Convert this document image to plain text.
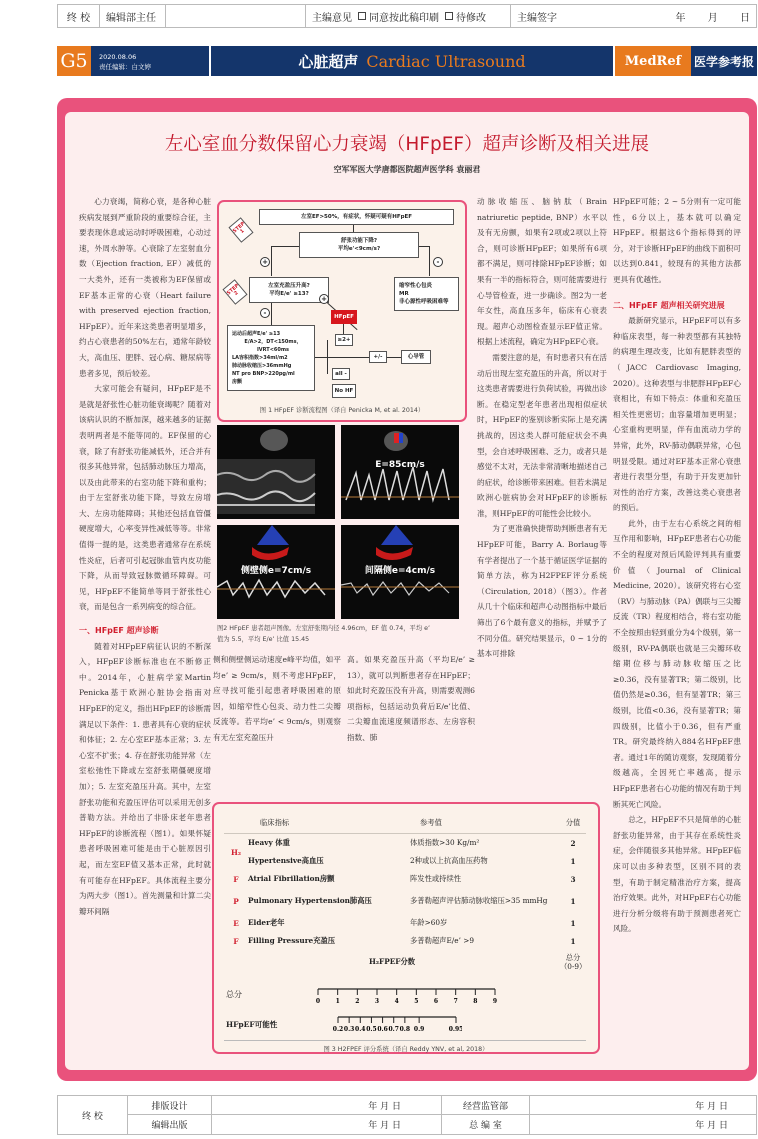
终 校	编辑部主任	主编意见 同意按此稿印刷 待修改	主编签字	年 月 日
G5	2020.08.06
责任编辑：白文婷	心脏超声 Cardiac Ultrasound	MedRef	医学参考报
左心室血分数保留心力衰竭（HFpEF）超声诊断及相关进展
空军军医大学唐都医院超声医学科 袁丽君

心力衰竭，简称心衰，是各种心脏疾病发展到严重阶段的重要综合征，主要表现休息或运动时呼吸困难，心动过速，外周水肿等。心衰除了左室射血分数（Ejection fraction, EF）减低的一大类外，还有一类被称为EF保留或EF基本正常的心衰（Heart failure with preserved ejection fraction, HFpEF）。近年来这类患者明显增多，约占心衰患者的50%左右，通常年龄较大，高血压、肥胖、冠心病、糖尿病等患者多见，预后较差。

大家可能会有疑问，HFpEF是不是就是舒张性心脏功能衰竭呢？随着对该病认识的不断加深，越来越多的证据表明两者是不能等同的。EF保留的心衰，除了有舒张功能减低外，还合并有很多其他异常，包括肺动脉压力增高，以及由此带来的右室功能下降和重构；由于左室舒张功能下降，导致左房增大、左房功能障碍；其他还包括血管僵硬度增大，心率变异性减低等等。非常值得一提的是，这类患者通常存在系统性炎症，后者可引起冠脉血管内皮功能下降，从而导致冠脉微循环障碍。可见，HFpEF不能简单等同于舒张性心衰，而是包含一系列病变的综合征。

一、HFpEF 超声诊断

随着对HFpEF病征认识的不断深入，HFpEF诊断标准也在不断修正中。2014年，心脏病学家Martin Penicka基于欧洲心脏协会指南对HFpEF的定义，指出HFpEF的诊断需满足以下条件：1. 患者具有心衰的症状和体征；2. 左心室EF基本正常；3. 左心室不扩张；4. 存在舒张功能异常（左室松弛性下降或左室舒张期僵硬度增加）；5. 左室充盈压升高。其中，左室舒张功能和充盈压评估可以采用无创多普勒方法。并给出了非卧床老年患者HFpEF的诊断流程（图1）。如果怀疑患者呼吸困难可能是由于心脏原因引起，而左室EF值又基本正常，此时就有可能存在HFpEF。具体流程主要分为两大步（图1）。首先测量和计算二尖瓣环间隔

左室EF>50%，有症状，怀疑可疑有HFpEF
舒张功能下降?
平均e'<9cm/s?
STEP 1
+	-
左室充盈压升高?
平均E/e' ≥13?
STEP 2
缩窄性心包炎
MR
非心源性呼吸困难等
-
+
HFpEF
运动后超声E/e' ≥13
E/A>2，DT<150ms，IVRT<60ms
LA容积指数>34ml/m2
肺动脉收缩压>36mmHg
NT pro BNP>220pg/ml
房颤
≥2+
+/-	心导管
all -
No HF
图 1 HFpEF 诊断流程图（译自 Penicka M, et al. 2014）
E=85cm/s
侧壁侧e=7cm/s	间隔侧e=4cm/s
图2 HFpEF 患者超声图像。左室舒张期内径 4.96cm，EF 值 0.74，平均 e’
值为 5.5，平均 E/e’ 比值 15.45

侧和侧壁侧运动速度e峰平均值，如平均e’ ≥ 9cm/s，则不考虑HFpEF，应寻找可能引起患者呼吸困难的原因，如缩窄性心包炎、动力性二尖瓣反流等。若平均e’ < 9cm/s，则观察有无左室充盈压升

高。如果充盈压升高（平均E/e’ ≥ 13），就可以判断患者存在HFpEF；如此时充盈压没有升高，则需要观测6项指标，包括运动负荷后E/e’比值、二尖瓣血流速度频谱形态、左房容积指数、肺

动脉收缩压、脑钠肽（Brain natriuretic peptide, BNP）水平以及有无房颤，如果有2项或2项以上符合，则可诊断HFpEF；如果所有6项都不满足，则可排除HFpEF诊断；如果有一半的指标符合，则可能需要进行心导管检查，进一步确诊。图2为一老年女性，高血压多年，临床有心衰表现。超声心动图检查显示EF值正常。根据上述流程，确定为HFpEF心衰。

需要注意的是，有时患者只有在活动后出现左室充盈压的升高，所以对于这类患者需要进行负荷试验，再做出诊断。在稳定型老年患者出现相似症状时，HFpEF的鉴别诊断实际上是充满挑战的，因这类人群可能症状会不典型，会自述呼吸困难、乏力，或者只是感觉不太对，无法非常清晰地描述自己的症状，给诊断带来困难。但若未满足欧洲心脏病协会对HFpEF的诊断标准，则HFpEF的可能性会比较小。

为了更准确快捷帮助判断患者有无HFpEF可能，Barry A. Borlaug等有学者提出了一个基于循证医学证据的简单方法，称为H2FPEF评分系统（Circulation, 2018）（图3）。作者从几十个临床和超声心动图指标中最后筛出了6个最有意义的指标，并赋予了不同分值。研究结果显示，0 ~ 1分的基本可排除

HFpEF可能；2 ~ 5分则有一定可能性，6分以上，基本就可以确定HFpEF。根据这6个指标得到的评分，对于诊断HFpEF的曲线下面积可以达到0.841，较现有的其他方法都更具有优越性。

二、HFpEF 超声相关研究进展

最新研究显示，HFpEF可以有多种临床表型，每一种表型都有其独特的病理生理改变，比如有肥胖表型的（JACC Cardiovasc Imaging, 2020）。这种表型与非肥胖HFpEF心衰相比，有如下特点：体重和充盈压相关性更密切；血容量增加更明显；心室重构更明显，伴有血流动力学的异常，此外，RV-肺动偶联异常，心包明显受限。通过对EF基本正常心衰患者进行表型分型，有助于开发更加针对性的治疗方案，改善这类心衰患者的预后。

此外，由于左右心系统之间的相互作用和影响，HFpEF患者右心功能不全的程度对预后风险评判具有重要价值（Journal of Clinical Medicine, 2020）。该研究将右心室（RV）与肺动脉（PA）偶联与三尖瓣反流（TR）程度相结合，将右室功能不全按照由轻到重分为4个级别，第一级别，RV-PA偶联也就是三尖瓣环收缩期位移与肺动脉收缩压之比≥0.36，没有显著TR；第二级别，比值仍然是≥0.36，但有显著TR；第三级别，比值<0.36，没有显著TR；第四级别，比值小于0.36，但有严重TR。研究最终纳入884名HFpEF患者。通过1年的随访观察，发现随着分级越高，全因死亡率越高，提示HFpEF患者右心功能的情况有助于判断其死亡风险。

总之，HFpEF不只是简单的心脏舒张功能异常，由于其存在系统性炎症，会伴随很多其他异常。HFpEF临床可以由多种表型，区别不同的表型，有助于制定精准治疗方案，提高治疗效果。此外，对HFpEF右心功能进行分析分级将有助于预测患者死亡风险。

临床指标	参考值	分值
H₂
Heavy 体重	体质指数>30 Kg/m²	2
Hypertensive高血压	2种或以上抗高血压药物	1
F	Atrial Fibrillation房颤	阵发性或持续性	3
P	Pulmonary Hypertension肺高压	多普勒超声评估肺动脉收缩压>35 mmHg	1
E	Elder老年	年龄>60岁	1
F	Filling Pressure充盈压	多普勒超声E/e’ >9	1
H₂FPEF分数	总分
（0-9）
总分
0	1	2	3	4	5	6	7	8	9
HFpEF可能性
0.2 0.3 0.4 0.5 0.6 0.7 0.8 0.9	0.95
图 3 H2FPEF 评分系统（译自 Reddy YNV, et al, 2018）
终 校
排版设计	年 月 日	经营监管部	年 月 日
编辑出版	年 月 日	总 编 室	年 月 日
